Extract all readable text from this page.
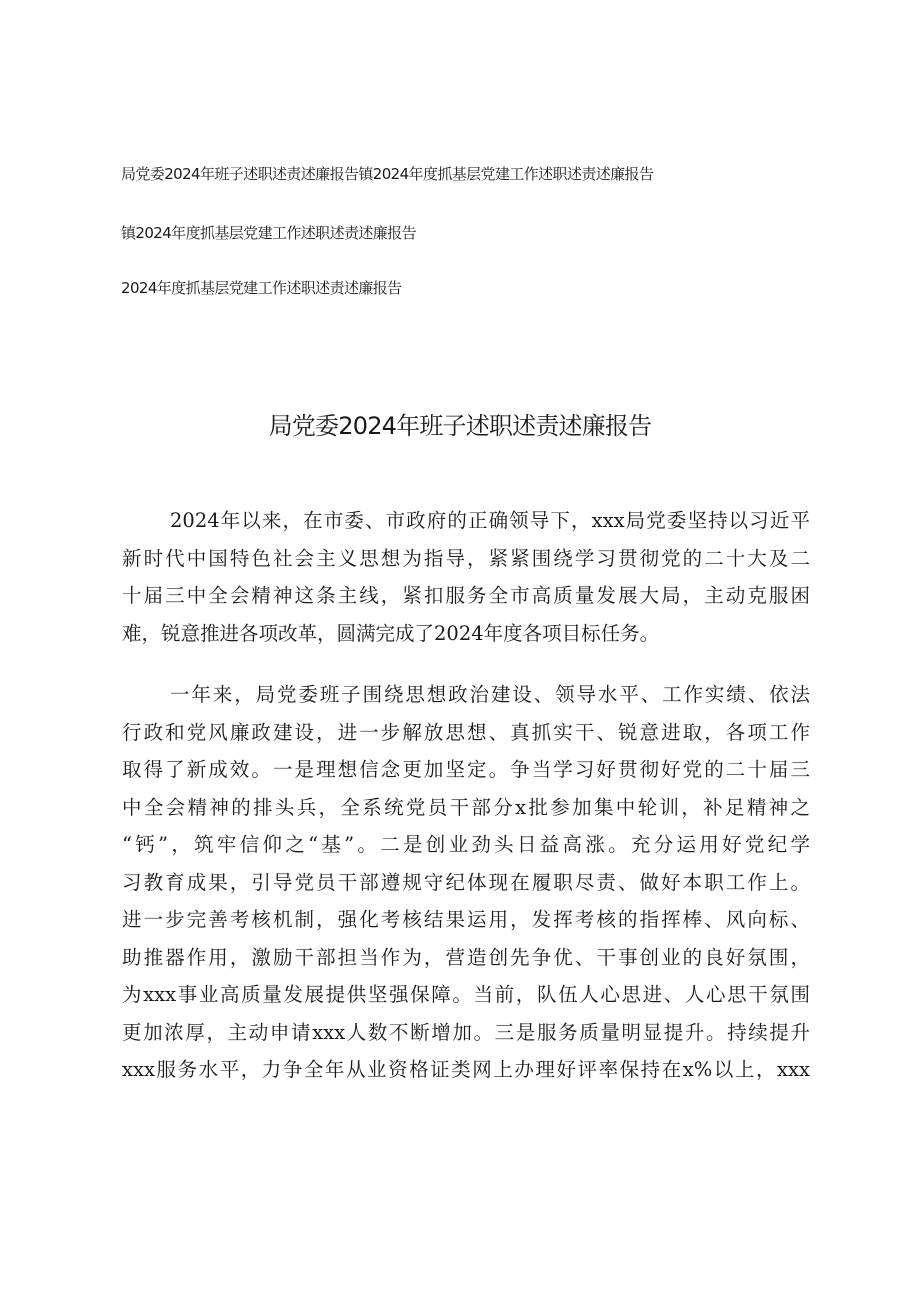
局党委2024年班子述职述责述廉报告镇2024年度抓基层党建工作述职述责述廉报告
镇2024年度抓基层党建工作述职述责述廉报告
2024年度抓基层党建工作述职述责述廉报告
局党委2024年班子述职述责述廉报告
2024年以来，在市委、市政府的正确领导下，xxx局党委坚持以习近平
新时代中国特色社会主义思想为指导，紧紧围绕学习贯彻党的二十大及二
十届三中全会精神这条主线，紧扣服务全市高质量发展大局，主动克服困
难，锐意推进各项改革，圆满完成了2024年度各项目标任务。
一年来，局党委班子围绕思想政治建设、领导水平、工作实绩、依法
行政和党风廉政建设，进一步解放思想、真抓实干、锐意进取，各项工作
取得了新成效。一是理想信念更加坚定。争当学习好贯彻好党的二十届三
中全会精神的排头兵，全系统党员干部分x批参加集中轮训，补足精神之
“钙”，筑牢信仰之“基”。二是创业劲头日益高涨。充分运用好党纪学
习教育成果，引导党员干部遵规守纪体现在履职尽责、做好本职工作上。
进一步完善考核机制，强化考核结果运用，发挥考核的指挥棒、风向标、
助推器作用，激励干部担当作为，营造创先争优、干事创业的良好氛围，
为xxx事业高质量发展提供坚强保障。当前，队伍人心思进、人心思干氛围
更加浓厚，主动申请xxx人数不断增加。三是服务质量明显提升。持续提升
xxx服务水平，力争全年从业资格证类网上办理好评率保持在x%以上，xxx
